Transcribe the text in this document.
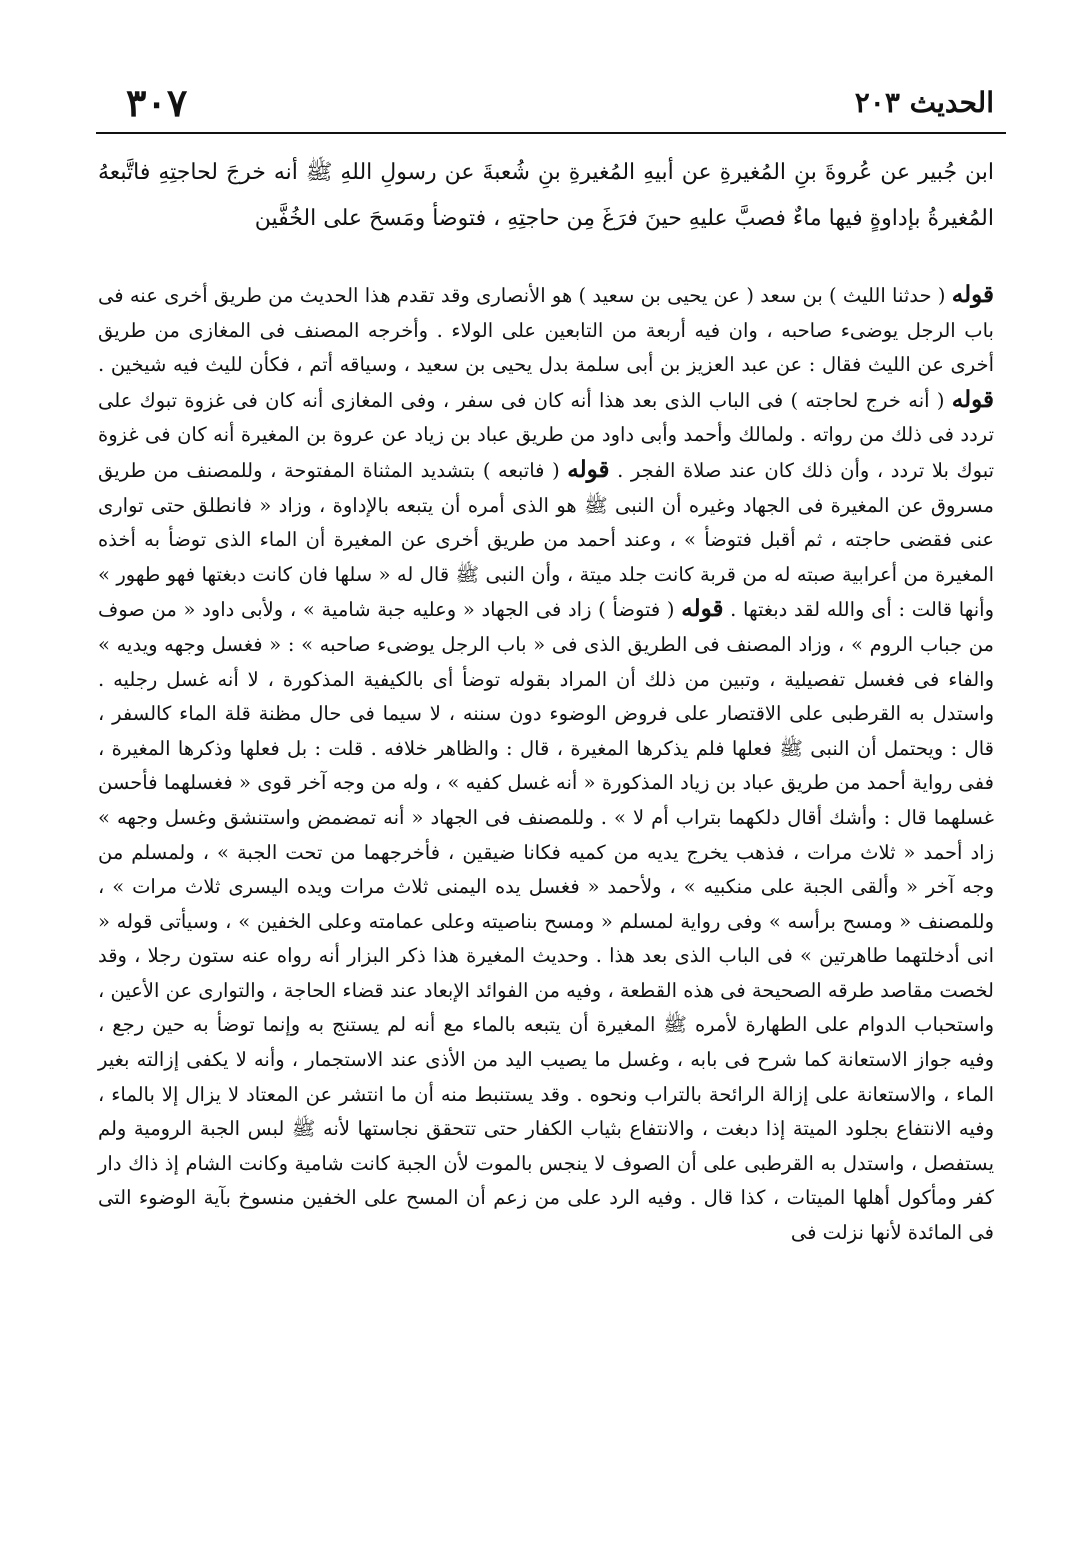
٣٠٧	الحديث ٢٠٣
ابن جُبير عن عُروةَ بنِ المُغيرةِ عن أبيهِ المُغيرةِ بنِ شُعبةَ عن رسولِ اللهِ ﷺ أنه خرجَ لحاجتِهِ فاتَّبعهُ المُغيرةُ بإداوةٍ فيها ماءٌ فصبَّ عليهِ حينَ فرَغَ مِن حاجتِهِ ، فتوضأ ومَسحَ على الخُفَّين

قوله ( حدثنا الليث ) بن سعد ( عن يحيى بن سعيد ) هو الأنصارى وقد تقدم هذا الحديث من طريق أخرى عنه فى باب الرجل يوضىء صاحبه ، وان فيه أربعة من التابعين على الولاء . وأخرجه المصنف فى المغازى من طريق أخرى عن الليث فقال : عن عبد العزيز بن أبى سلمة بدل يحيى بن سعيد ، وسياقه أتم ، فكأن لليث فيه شيخين . قوله ( أنه خرج لحاجته ) فى الباب الذى بعد هذا أنه كان فى سفر ، وفى المغازى أنه كان فى غزوة تبوك على تردد فى ذلك من رواته . ولمالك وأحمد وأبى داود من طريق عباد بن زياد عن عروة بن المغيرة أنه كان فى غزوة تبوك بلا تردد ، وأن ذلك كان عند صلاة الفجر . قوله ( فاتبعه ) بتشديد المثناة المفتوحة ، وللمصنف من طريق مسروق عن المغيرة فى الجهاد وغيره أن النبى ﷺ هو الذى أمره أن يتبعه بالإداوة ، وزاد « فانطلق حتى توارى عنى فقضى حاجته ، ثم أقبل فتوضأ » ، وعند أحمد من طريق أخرى عن المغيرة أن الماء الذى توضأ به أخذه المغيرة من أعرابية صبته له من قربة كانت جلد ميتة ، وأن النبى ﷺ قال له « سلها فان كانت دبغتها فهو طهور » وأنها قالت : أى والله لقد دبغتها . قوله ( فتوضأ ) زاد فى الجهاد « وعليه جبة شامية » ، ولأبى داود « من صوف من جباب الروم » ، وزاد المصنف فى الطريق الذى فى « باب الرجل يوضىء صاحبه » : « فغسل وجهه ويديه » والفاء فى فغسل تفصيلية ، وتبين من ذلك أن المراد بقوله توضأ أى بالكيفية المذكورة ، لا أنه غسل رجليه . واستدل به القرطبى على الاقتصار على فروض الوضوء دون سننه ، لا سيما فى حال مظنة قلة الماء كالسفر ، قال : ويحتمل أن النبى ﷺ فعلها فلم يذكرها المغيرة ، قال : والظاهر خلافه . قلت : بل فعلها وذكرها المغيرة ، ففى رواية أحمد من طريق عباد بن زياد المذكورة « أنه غسل كفيه » ، وله من وجه آخر قوى « فغسلهما فأحسن غسلهما قال : وأشك أقال دلكهما بتراب أم لا » . وللمصنف فى الجهاد « أنه تمضمض واستنشق وغسل وجهه » زاد أحمد « ثلاث مرات ، فذهب يخرج يديه من كميه فكانا ضيقين ، فأخرجهما من تحت الجبة » ، ولمسلم من وجه آخر « وألقى الجبة على منكبيه » ، ولأحمد « فغسل يده اليمنى ثلاث مرات ويده اليسرى ثلاث مرات » ، وللمصنف « ومسح برأسه » وفى رواية لمسلم « ومسح بناصيته وعلى عمامته وعلى الخفين » ، وسيأتى قوله « انى أدخلتهما طاهرتين » فى الباب الذى بعد هذا . وحديث المغيرة هذا ذكر البزار أنه رواه عنه ستون رجلا ، وقد لخصت مقاصد طرقه الصحيحة فى هذه القطعة ، وفيه من الفوائد الإبعاد عند قضاء الحاجة ، والتوارى عن الأعين ، واستحباب الدوام على الطهارة لأمره ﷺ المغيرة أن يتبعه بالماء مع أنه لم يستنج به وإنما توضأ به حين رجع ، وفيه جواز الاستعانة كما شرح فى بابه ، وغسل ما يصيب اليد من الأذى عند الاستجمار ، وأنه لا يكفى إزالته بغير الماء ، والاستعانة على إزالة الرائحة بالتراب ونحوه . وقد يستنبط منه أن ما انتشر عن المعتاد لا يزال إلا بالماء ، وفيه الانتفاع بجلود الميتة إذا دبغت ، والانتفاع بثياب الكفار حتى تتحقق نجاستها لأنه ﷺ لبس الجبة الرومية ولم يستفصل ، واستدل به القرطبى على أن الصوف لا ينجس بالموت لأن الجبة كانت شامية وكانت الشام إذ ذاك دار كفر ومأكول أهلها الميتات ، كذا قال . وفيه الرد على من زعم أن المسح على الخفين منسوخ بآية الوضوء التى فى المائدة لأنها نزلت فى
